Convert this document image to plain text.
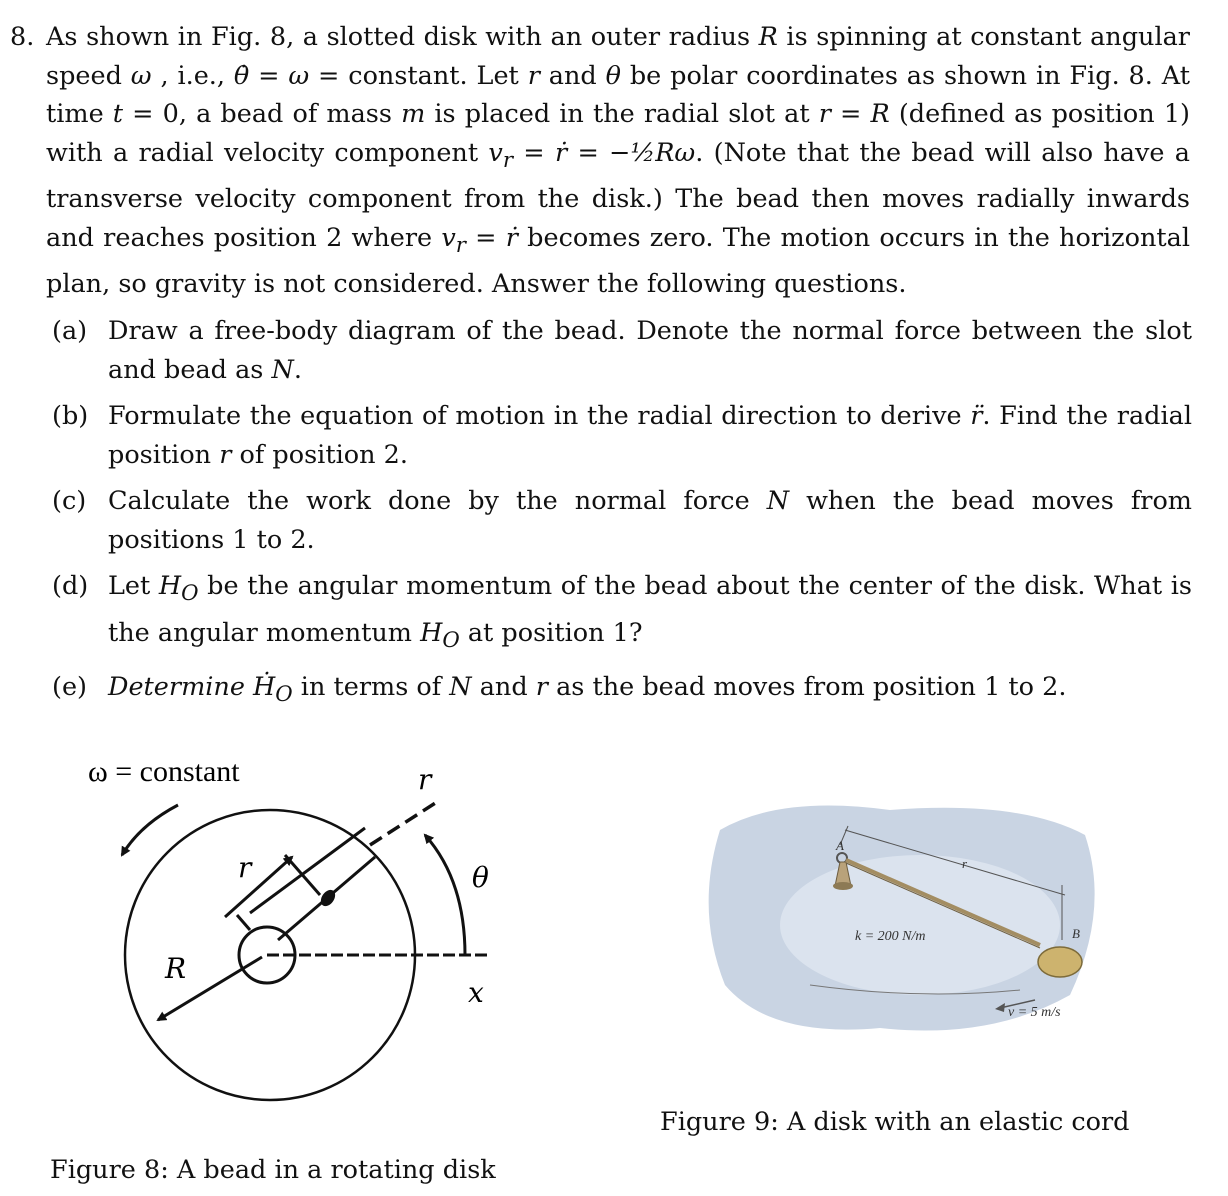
8. As shown in Fig. 8, a slotted disk with an outer radius R is spinning at constant angular speed ω , i.e., θ̇ = ω = constant. Let r and θ be polar coordinates as shown in Fig. 8. At time t = 0, a bead of mass m is placed in the radial slot at r = R (defined as position 1) with a radial velocity component $v_r$ = ṙ = −½Rω. (Note that the bead will also have a transverse velocity component from the disk.) The bead then moves radially inwards and reaches position 2 where $v_r$ = ṙ becomes zero. The motion occurs in the horizontal plan, so gravity is not considered. Answer the following questions.
(a) Draw a free-body diagram of the bead. Denote the normal force between the slot and bead as N.
(b) Formulate the equation of motion in the radial direction to derive r̈. Find the radial position r of position 2.
(c) Calculate the work done by the normal force N when the bead moves from positions 1 to 2.
(d) Let $H_O$ be the angular momentum of the bead about the center of the disk. What is the angular momentum $H_O$ at position 1?
(e) Determine Ḣ$_O$ in terms of N and r as the bead moves from position 1 to 2.
ω = constant	r
r	θ
R
x
Figure 8: A bead in a rotating disk
r
A
k = 200 N/m	B
v = 5 m/s
Figure 9: A disk with an elastic cord
